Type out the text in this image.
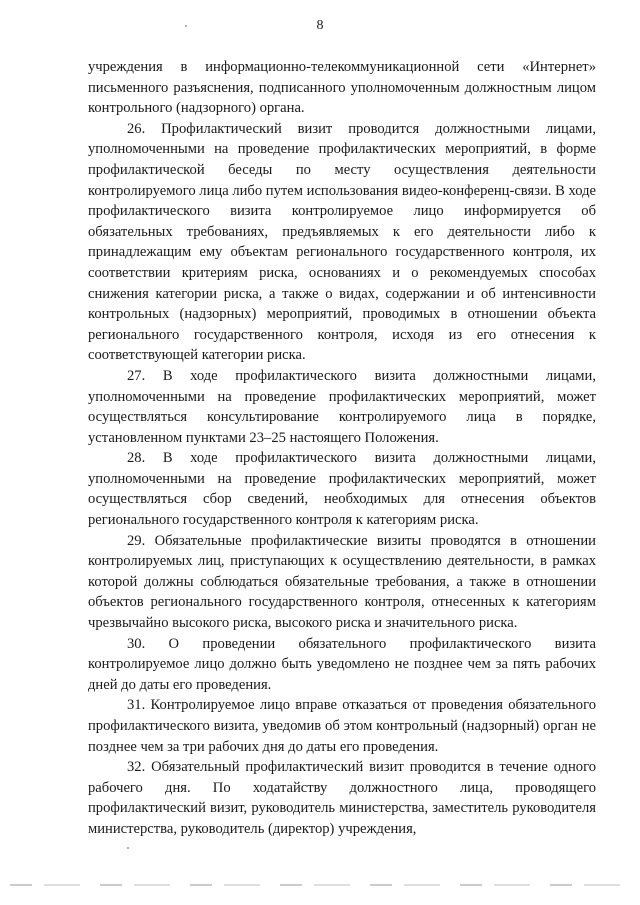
8

учреждения в информационно-телекоммуникационной сети «Интернет» письменного разъяснения, подписанного уполномоченным должностным лицом контрольного (надзорного) органа.

26. Профилактический визит проводится должностными лицами, уполномоченными на проведение профилактических мероприятий, в форме профилактической беседы по месту осуществления деятельности контролируемого лица либо путем использования видео-конференц-связи. В ходе профилактического визита контролируемое лицо информируется об обязательных требованиях, предъявляемых к его деятельности либо к принадлежащим ему объектам регионального государственного контроля, их соответствии критериям риска, основаниях и о рекомендуемых способах снижения категории риска, а также о видах, содержании и об интенсивности контрольных (надзорных) мероприятий, проводимых в отношении объекта регионального государственного контроля, исходя из его отнесения к соответствующей категории риска.

27. В ходе профилактического визита должностными лицами, уполномоченными на проведение профилактических мероприятий, может осуществляться консультирование контролируемого лица в порядке, установленном пунктами 23–25 настоящего Положения.

28. В ходе профилактического визита должностными лицами, уполномоченными на проведение профилактических мероприятий, может осуществляться сбор сведений, необходимых для отнесения объектов регионального государственного контроля к категориям риска.

29. Обязательные профилактические визиты проводятся в отношении контролируемых лиц, приступающих к осуществлению деятельности, в рамках которой должны соблюдаться обязательные требования, а также в отношении объектов регионального государственного контроля, отнесенных к категориям чрезвычайно высокого риска, высокого риска и значительного риска.

30. О проведении обязательного профилактического визита контролируемое лицо должно быть уведомлено не позднее чем за пять рабочих дней до даты его проведения.

31. Контролируемое лицо вправе отказаться от проведения обязательного профилактического визита, уведомив об этом контрольный (надзорный) орган не позднее чем за три рабочих дня до даты его проведения.

32. Обязательный профилактический визит проводится в течение одного рабочего дня. По ходатайству должностного лица, проводящего профилактический визит, руководитель министерства, заместитель руководителя министерства, руководитель (директор) учреждения,
